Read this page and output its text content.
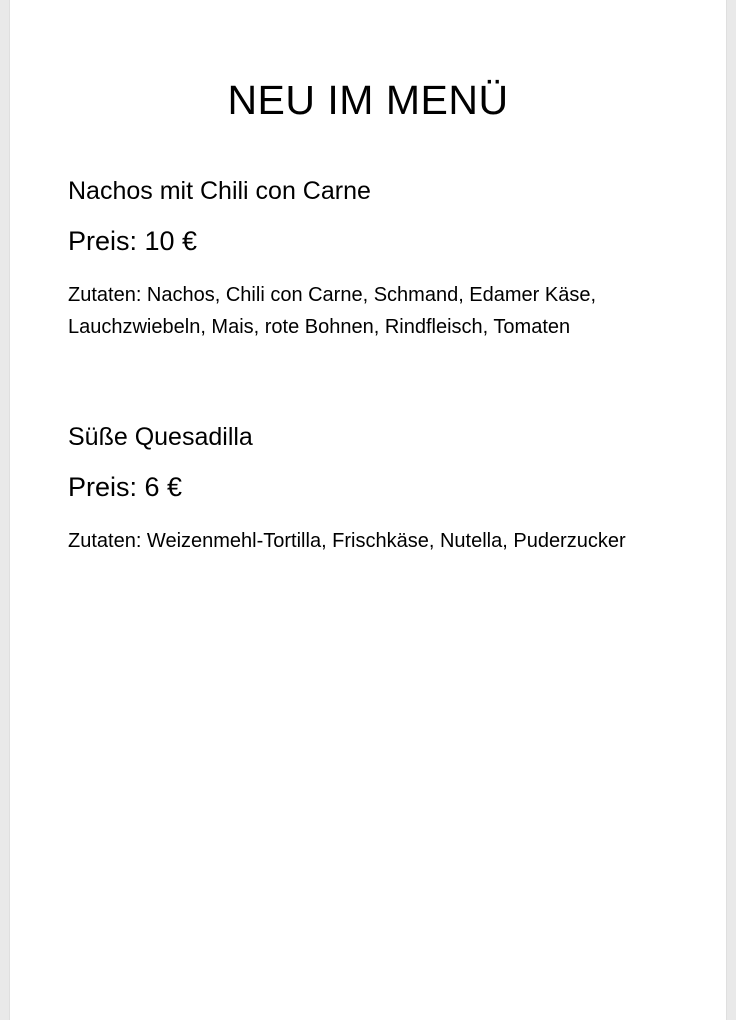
NEU IM MENÜ

Nachos mit Chili con Carne

Preis: 10 €

Zutaten: Nachos, Chili con Carne, Schmand, Edamer Käse, Lauchzwiebeln, Mais, rote Bohnen, Rindfleisch, Tomaten

Süße Quesadilla

Preis: 6 €

Zutaten: Weizenmehl-Tortilla, Frischkäse, Nutella, Puderzucker
